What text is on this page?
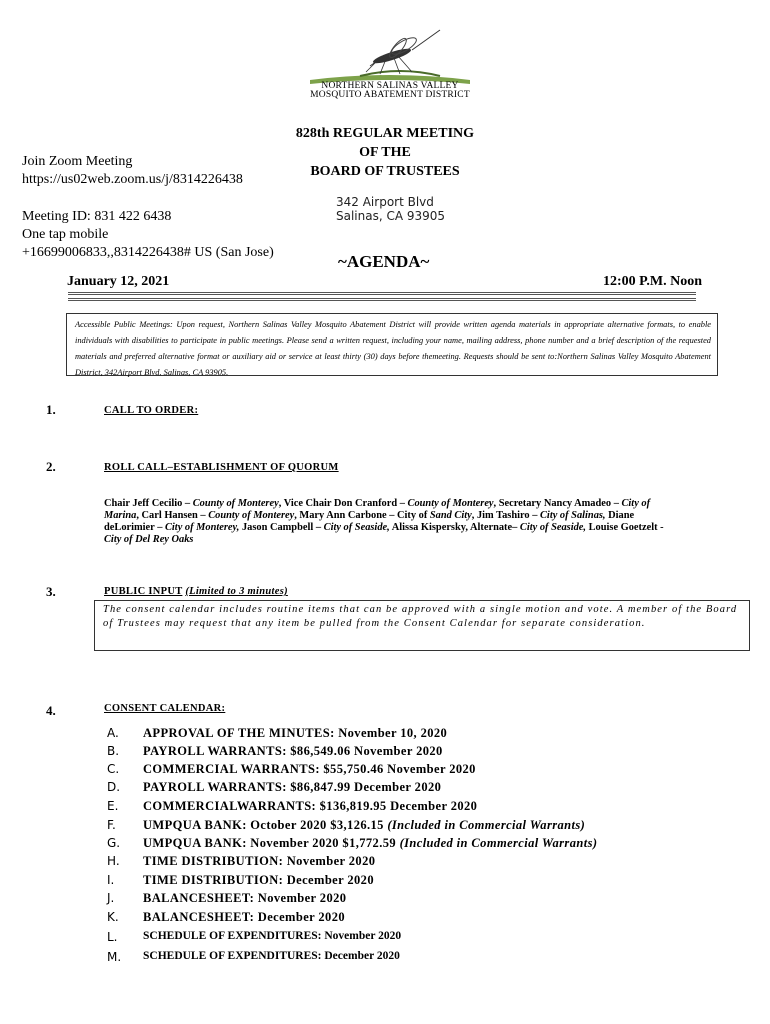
NORTHERN SALINAS VALLEY
MOSQUITO ABATEMENT DISTRICT
828th REGULAR MEETING
OF THE
BOARD OF TRUSTEES
342 Airport Blvd
Salinas, CA 93905
Join Zoom Meeting
https://us02web.zoom.us/j/8314226438
Meeting ID: 831 422 6438
One tap mobile
+16699006833,,8314226438# US (San Jose)	~AGENDA~
January 12, 2021	12:00 P.M. Noon
Accessible Public Meetings: Upon request, Northern Salinas Valley Mosquito Abatement District will provide written agenda materials in appropriate alternative formats, to enable individuals with disabilities to participate in public meetings. Please send a written request, including your name, mailing address, phone number and a brief description of the requested materials and preferred alternative format or auxiliary aid or service at least thirty (30) days before themeeting. Requests should be sent to:Northern Salinas Valley Mosquito Abatement District, 342Airport Blvd. Salinas, CA 93905.
1.	CALL TO ORDER:
2.	ROLL CALL–ESTABLISHMENT OF QUORUM
Chair Jeff Cecilio – County of Monterey, Vice Chair Don Cranford – County of Monterey, Secretary Nancy Amadeo – City of Marina, Carl Hansen – County of Monterey, Mary Ann Carbone – City of Sand City, Jim Tashiro – City of Salinas, Diane deLorimier – City of Monterey, Jason Campbell – City of Seaside, Alissa Kispersky, Alternate– City of Seaside, Louise Goetzelt - City of Del Rey Oaks
3.	PUBLIC INPUT (Limited to 3 minutes)
The consent calendar includes routine items that can be approved with a single motion and vote. A member of the Board of Trustees may request that any item be pulled from the Consent Calendar for separate consideration.
4.	CONSENT CALENDAR:
A.	APPROVAL OF THE MINUTES: November 10, 2020
B.	PAYROLL WARRANTS: $86,549.06 November 2020
C.	COMMERCIAL WARRANTS: $55,750.46 November 2020
D.	PAYROLL WARRANTS: $86,847.99 December 2020
E.	COMMERCIALWARRANTS: $136,819.95 December 2020
F.	UMPQUA BANK: October 2020 $3,126.15 (Included in Commercial Warrants)
G.	UMPQUA BANK: November 2020 $1,772.59 (Included in Commercial Warrants)
H.	TIME DISTRIBUTION: November 2020
I.	TIME DISTRIBUTION: December 2020
J.	BALANCESHEET: November 2020
K.	BALANCESHEET: December 2020
L.	SCHEDULE OF EXPENDITURES: November 2020
M.	SCHEDULE OF EXPENDITURES: December 2020
